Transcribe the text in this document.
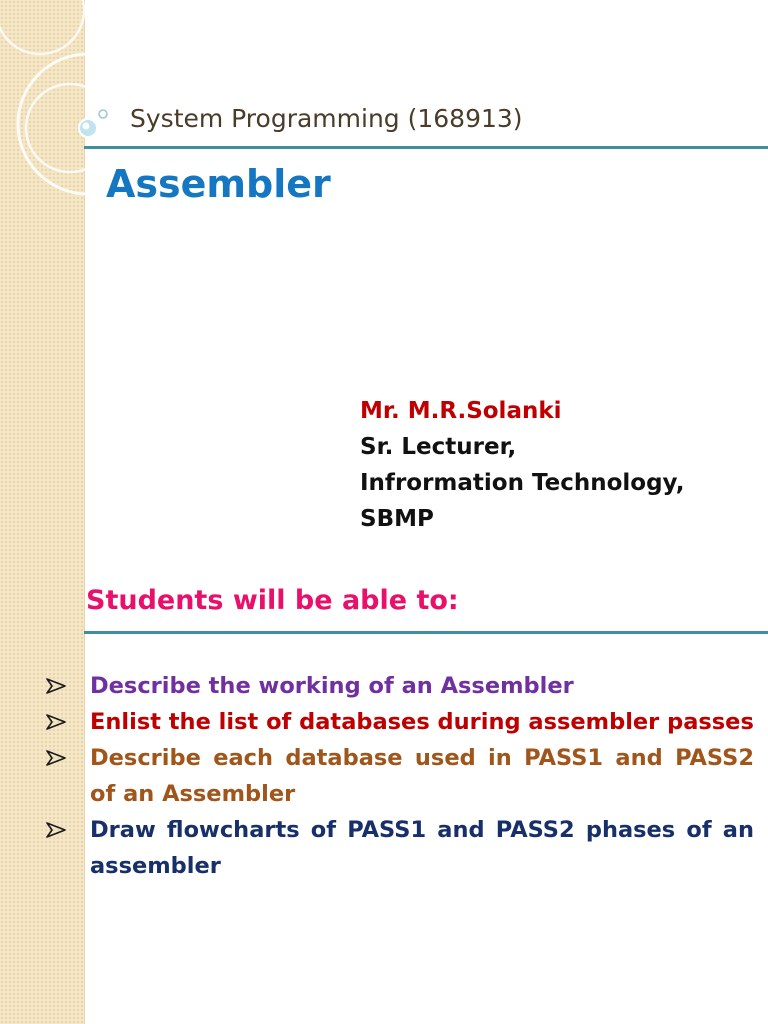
System Programming (168913)
Assembler
Mr. M.R.Solanki
Sr. Lecturer,
Infrormation Technology,
SBMP
Students will be able to:
Describe the working of an Assembler
Enlist the list of databases during assembler passes
Describe each database used in PASS1 and PASS2 of an Assembler
Draw flowcharts of PASS1 and PASS2 phases of an assembler
